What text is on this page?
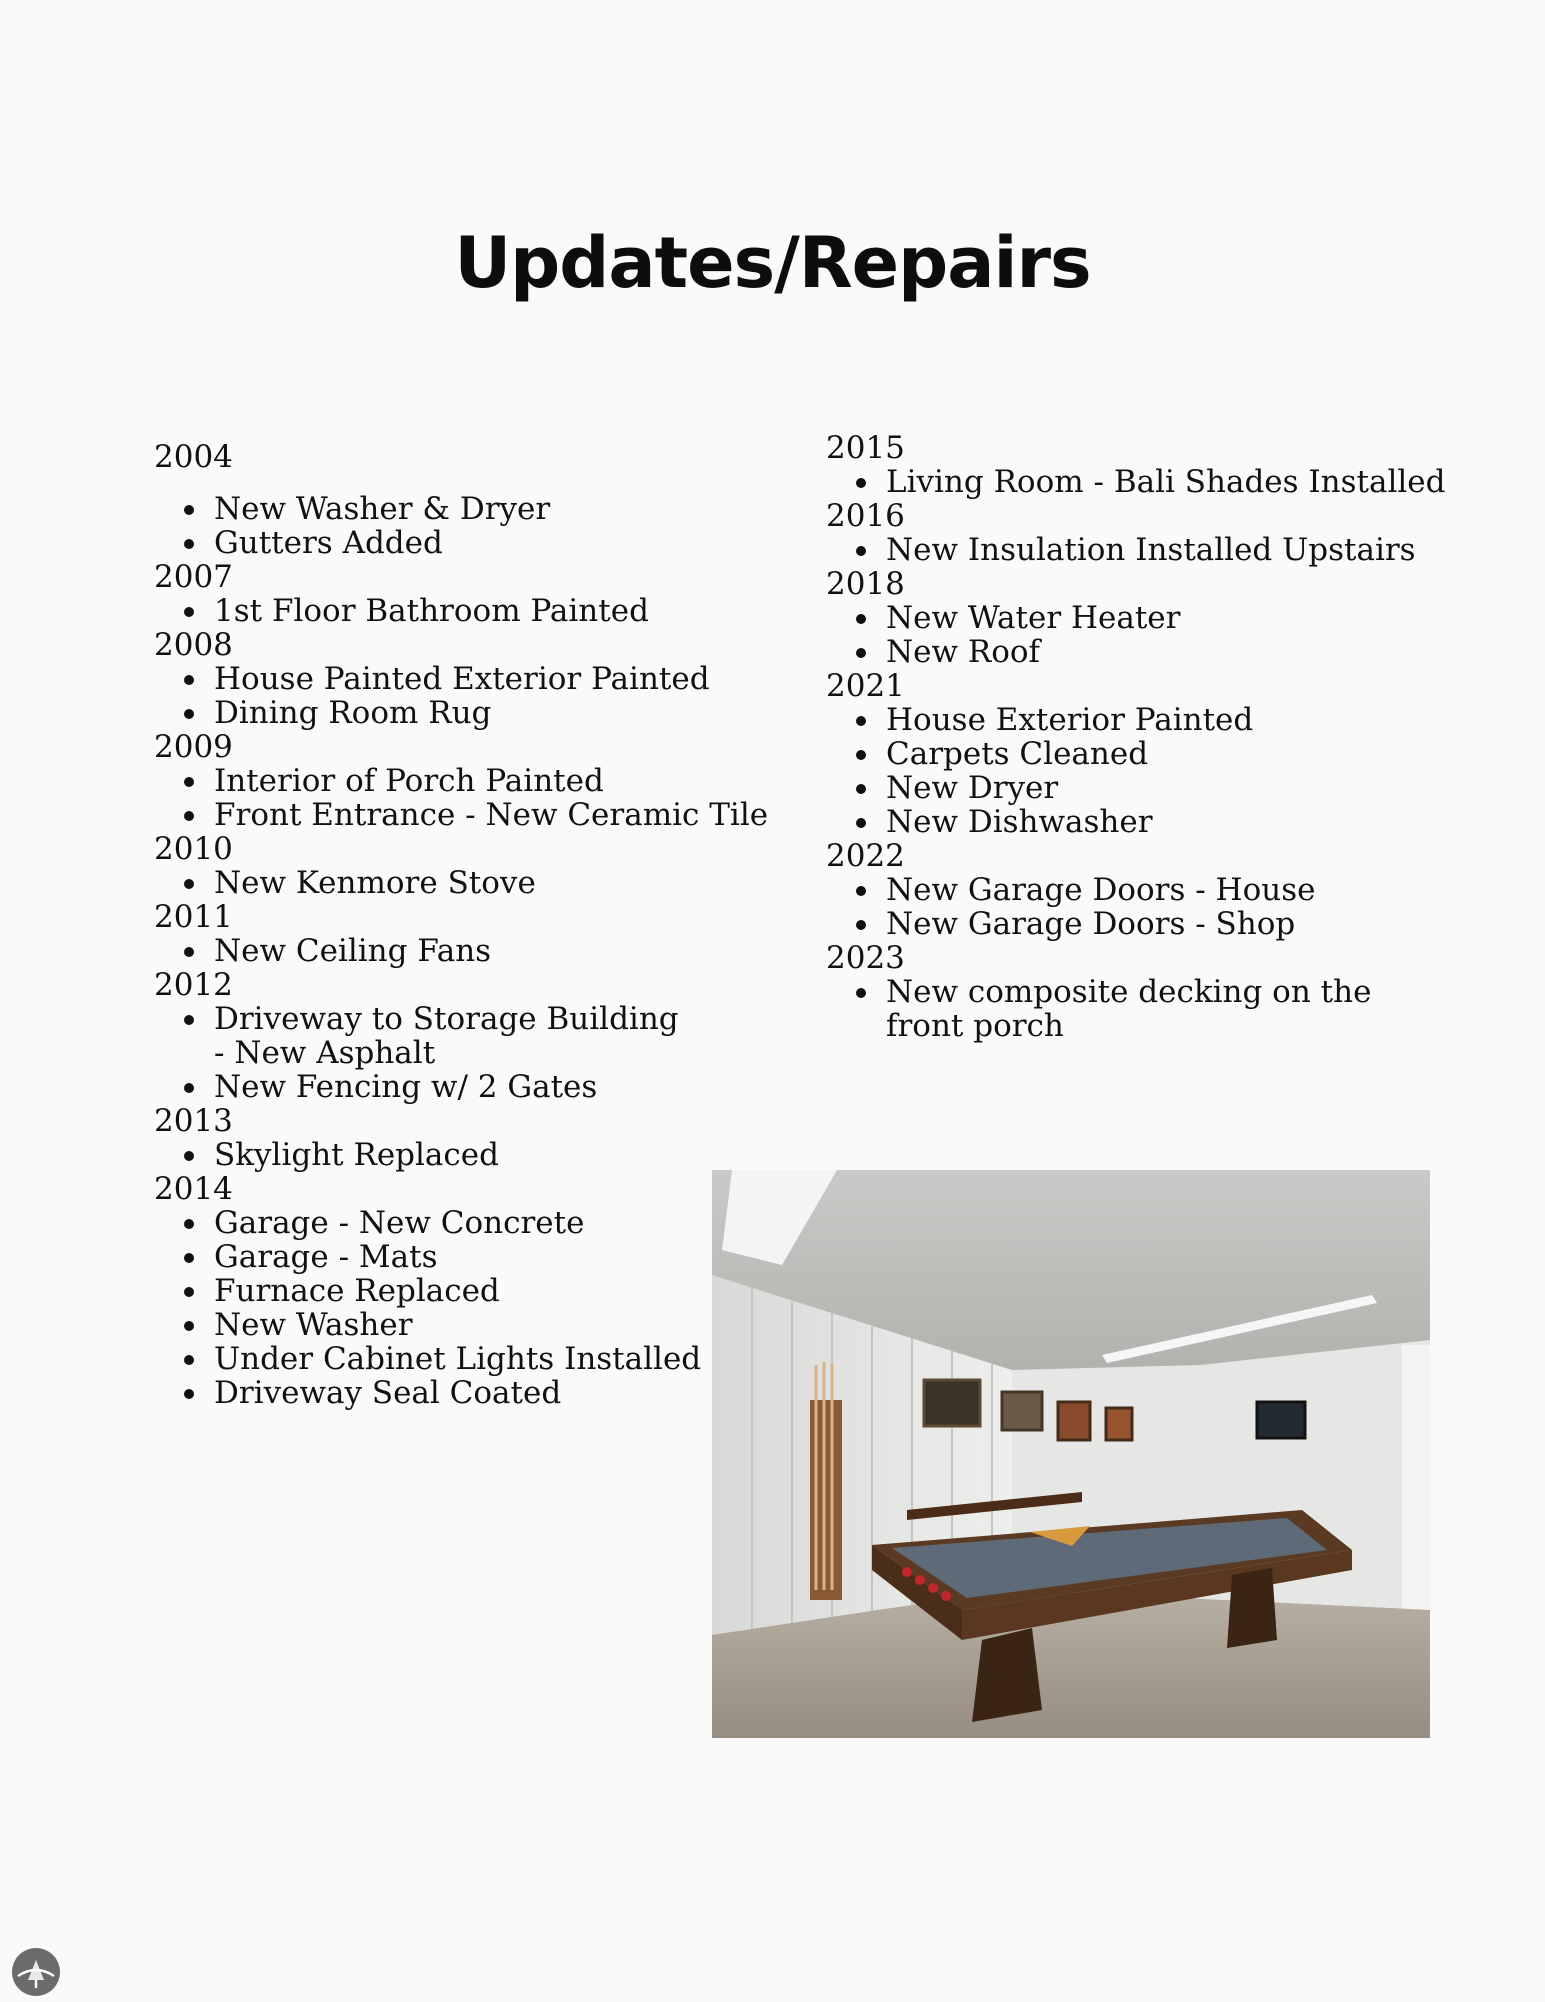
Updates/Repairs
2004
New Washer & Dryer
Gutters Added
2007
1st Floor Bathroom Painted
2008
House Painted Exterior Painted
Dining Room Rug
2009
Interior of Porch Painted
Front Entrance - New Ceramic Tile
2010
New Kenmore Stove
2011
New Ceiling Fans
2012
Driveway to Storage Building - New Asphalt
New Fencing w/ 2 Gates
2013
Skylight Replaced
2014
Garage - New Concrete
Garage - Mats
Furnace Replaced
New Washer
Under Cabinet Lights Installed
Driveway Seal Coated
2015
Living Room - Bali Shades Installed
2016
New Insulation Installed Upstairs
2018
New Water Heater
New Roof
2021
House Exterior Painted
Carpets Cleaned
New Dryer
New Dishwasher
2022
New Garage Doors - House
New Garage Doors - Shop
2023
New composite decking on the front porch
